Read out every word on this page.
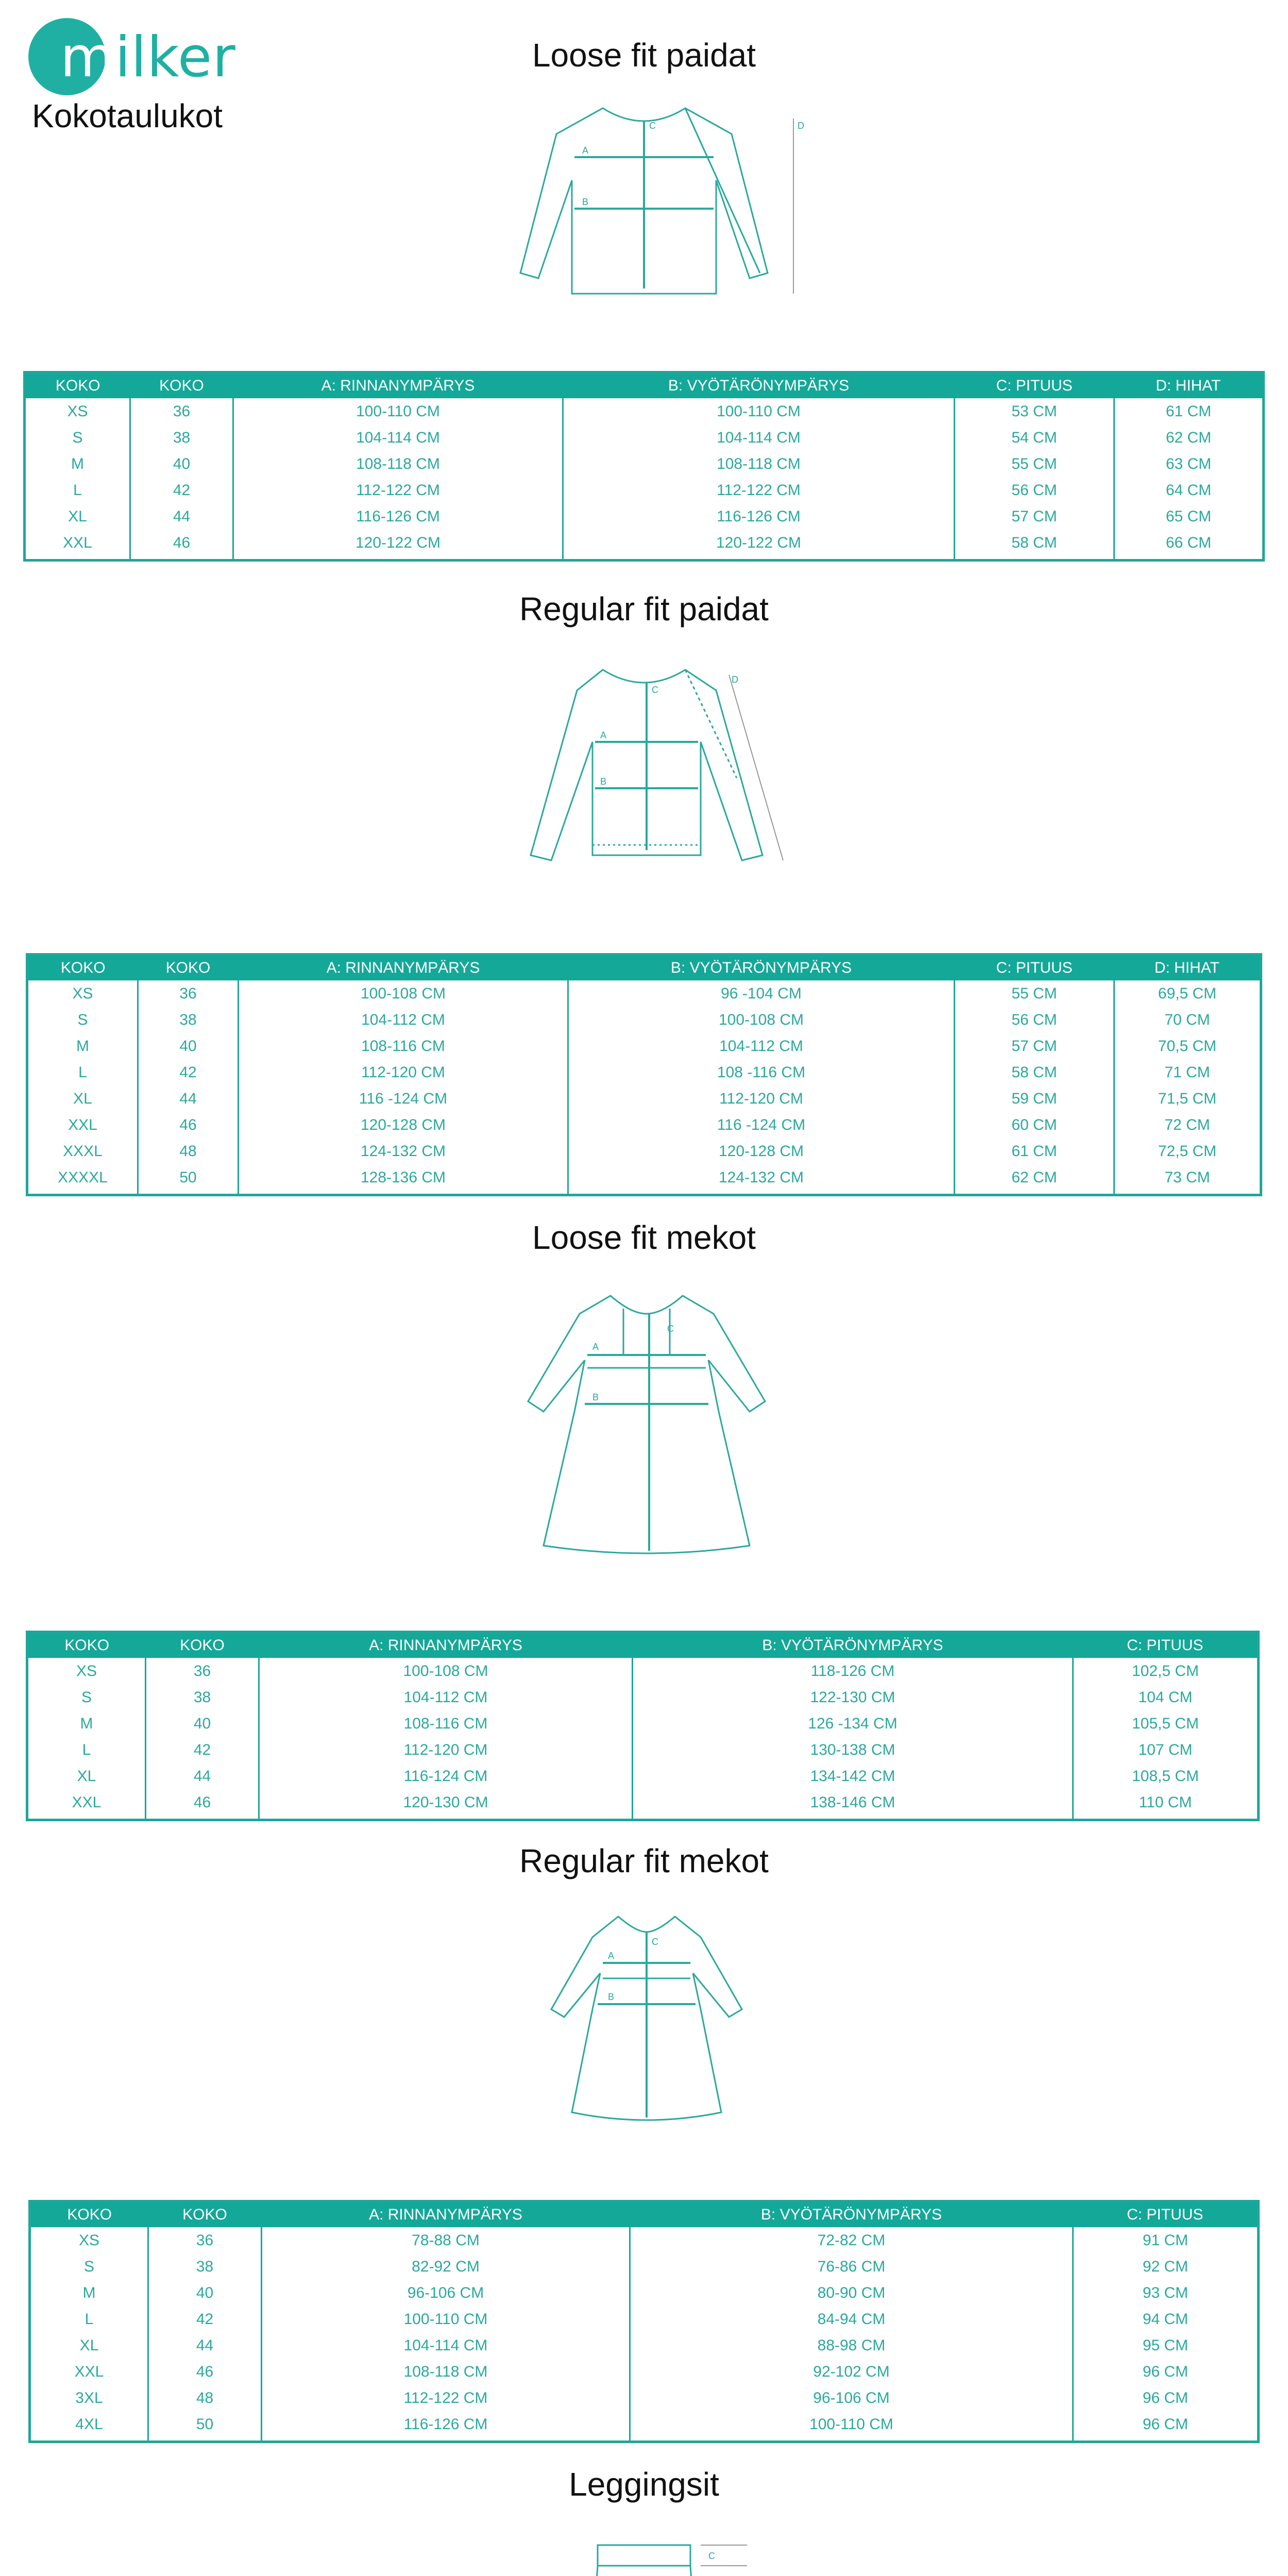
milker
Kokotaulukot
Loose fit paidat
A
B
C	D
KOKO	KOKO	A: RINNANYMPÄRYS	B: VYÖTÄRÖNYMPÄRYS	C: PITUUS	D: HIHAT
XS	36	100-110 CM	100-110 CM	53 CM	61 CM
S	38	104-114 CM	104-114 CM	54 CM	62 CM
M	40	108-118 CM	108-118 CM	55 CM	63 CM
L	42	112-122 CM	112-122 CM	56 CM	64 CM
XL	44	116-126 CM	116-126 CM	57 CM	65 CM
XXL	46	120-122 CM	120-122 CM	58 CM	66 CM
Regular fit paidat
A
B
C
D
KOKO	KOKO	A: RINNANYMPÄRYS	B: VYÖTÄRÖNYMPÄRYS	C: PITUUS	D: HIHAT
XS	36	100-108 CM	96 -104 CM	55 CM	69,5 CM
S	38	104-112 CM	100-108 CM	56 CM	70 CM
M	40	108-116 CM	104-112 CM	57 CM	70,5 CM
L	42	112-120 CM	108 -116 CM	58 CM	71 CM
XL	44	116 -124 CM	112-120 CM	59 CM	71,5 CM
XXL	46	120-128 CM	116 -124 CM	60 CM	72 CM
XXXL	48	124-132 CM	120-128 CM	61 CM	72,5 CM
XXXXL	50	128-136 CM	124-132 CM	62 CM	73 CM
Loose fit mekot
A
B
C
KOKO	KOKO	A: RINNANYMPÄRYS	B: VYÖTÄRÖNYMPÄRYS	C: PITUUS
XS	36	100-108 CM	118-126 CM	102,5 CM
S	38	104-112 CM	122-130 CM	104 CM
M	40	108-116 CM	126 -134 CM	105,5 CM
L	42	112-120 CM	130-138 CM	107 CM
XL	44	116-124 CM	134-142 CM	108,5 CM
XXL	46	120-130 CM	138-146 CM	110 CM
Regular fit mekot
A
B
C
KOKO	KOKO	A: RINNANYMPÄRYS	B: VYÖTÄRÖNYMPÄRYS	C: PITUUS
XS	36	78-88 CM	72-82 CM	91 CM
S	38	82-92 CM	76-86 CM	92 CM
M	40	96-106 CM	80-90 CM	93 CM
L	42	100-110 CM	84-94 CM	94 CM
XL	44	104-114 CM	88-98 CM	95 CM
XXL	46	108-118 CM	92-102 CM	96 CM
3XL	48	112-122 CM	96-106 CM	96 CM
4XL	50	116-126 CM	100-110 CM	96 CM
Leggingsit
C
